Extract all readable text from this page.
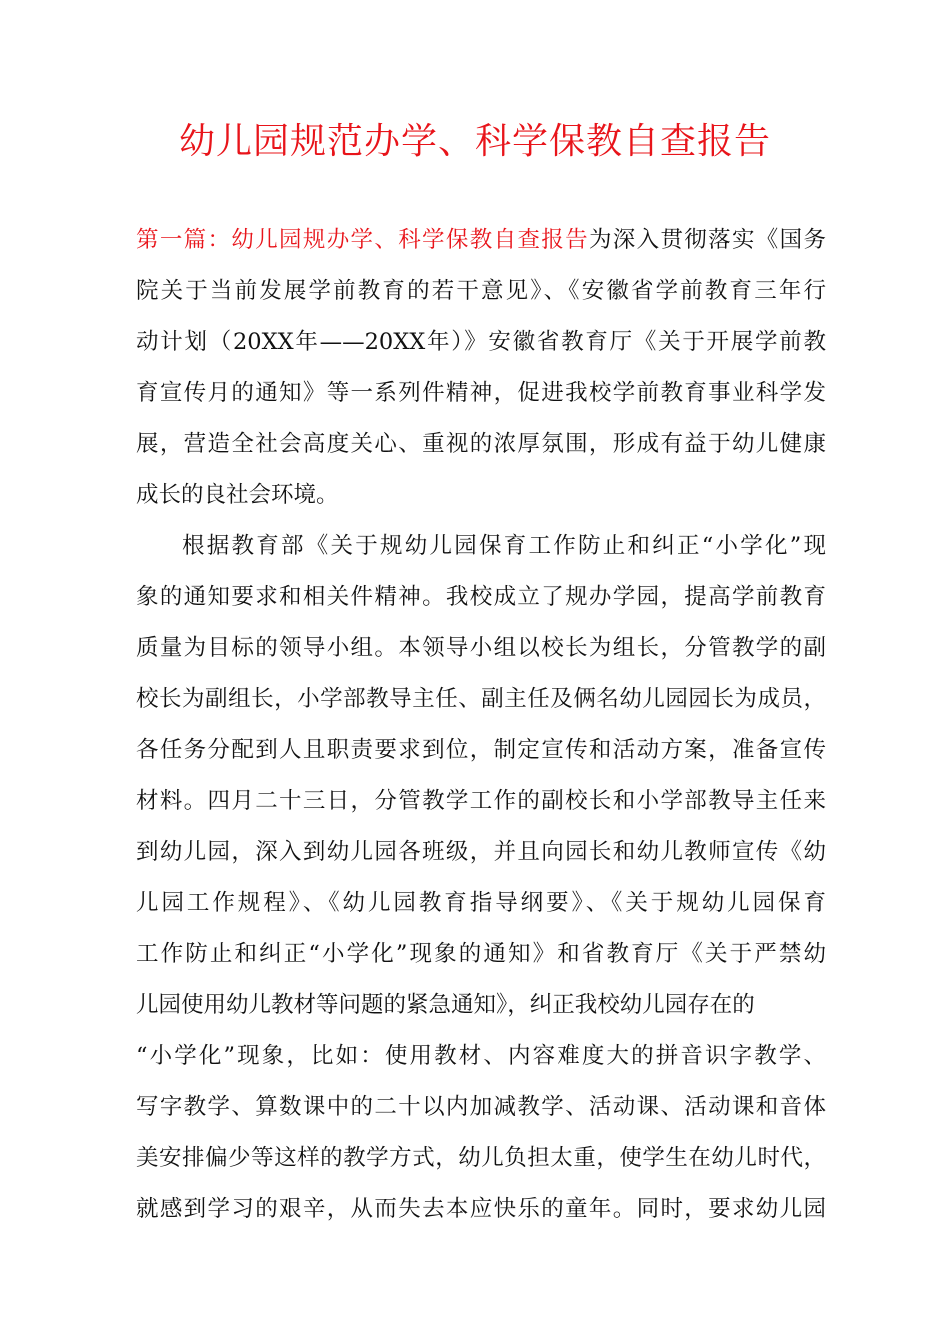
幼儿园规范办学、科学保教自查报告
第一篇：幼儿园规办学、科学保教自查报告为深入贯彻落实《国务
院关于当前发展学前教育的若干意见》、《安徽省学前教育三年行
动计划（20XX年——20XX年）》安徽省教育厅《关于开展学前教
育宣传月的通知》等一系列件精神，促进我校学前教育事业科学发
展，营造全社会高度关心、重视的浓厚氛围，形成有益于幼儿健康
成长的良社会环境。
根据教育部《关于规幼儿园保育工作防止和纠正“小学化”现
象的通知要求和相关件精神。我校成立了规办学园，提高学前教育
质量为目标的领导小组。本领导小组以校长为组长，分管教学的副
校长为副组长，小学部教导主任、副主任及俩名幼儿园园长为成员，
各任务分配到人且职责要求到位，制定宣传和活动方案，准备宣传
材料。四月二十三日，分管教学工作的副校长和小学部教导主任来
到幼儿园，深入到幼儿园各班级，并且向园长和幼儿教师宣传《幼
儿园工作规程》、《幼儿园教育指导纲要》、《关于规幼儿园保育
工作防止和纠正“小学化”现象的通知》和省教育厅《关于严禁幼
儿园使用幼儿教材等问题的紧急通知》，纠正我校幼儿园存在的
“小学化”现象，比如：使用教材、内容难度大的拼音识字教学、
写字教学、算数课中的二十以内加减教学、活动课、活动课和音体
美安排偏少等这样的教学方式，幼儿负担太重，使学生在幼儿时代，
就感到学习的艰辛，从而失去本应快乐的童年。同时，要求幼儿园
